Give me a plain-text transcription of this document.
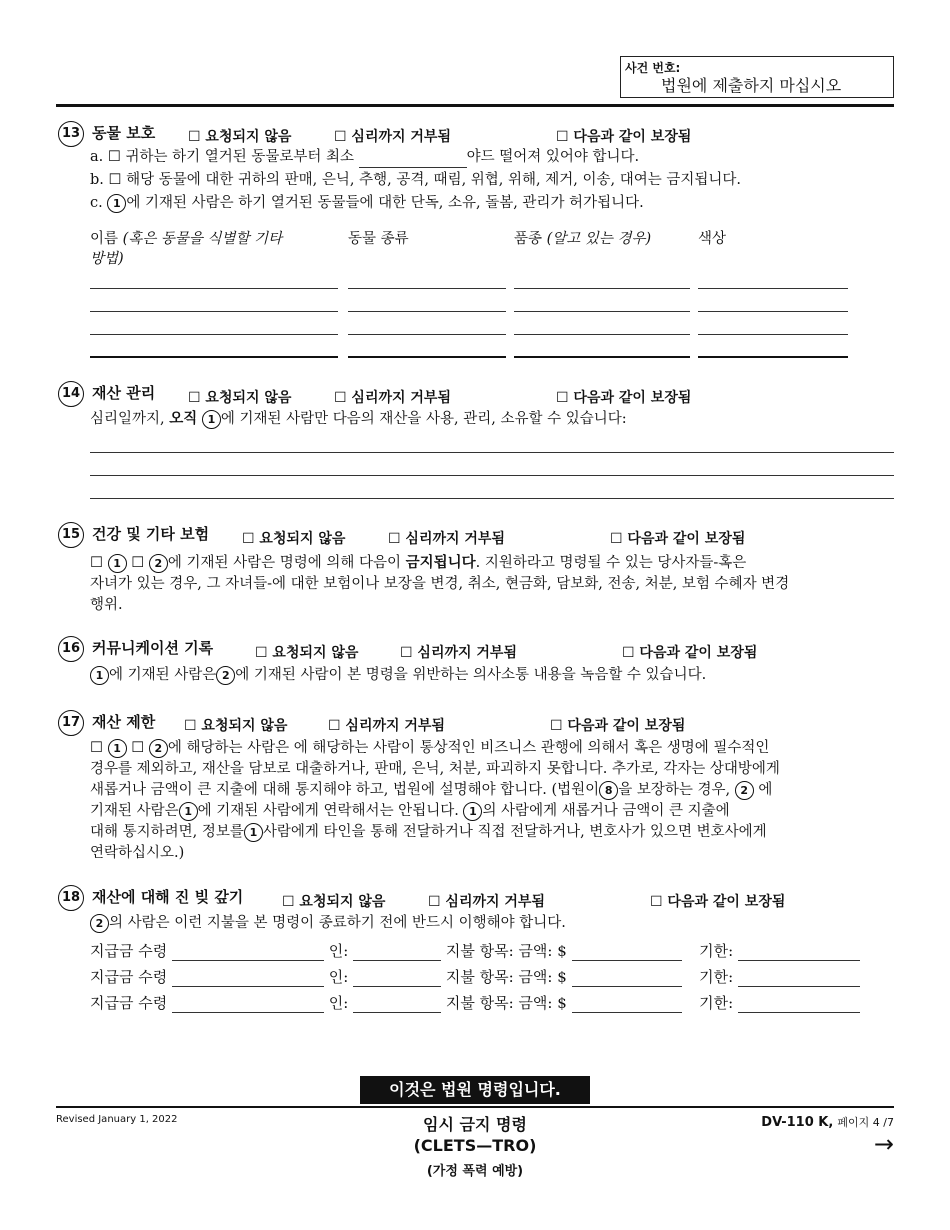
사건 번호:
법원에 제출하지 마십시오
13 동물 보호 ☐ 요청되지 않음	☐ 심리까지 거부됨	☐ 다음과 같이 보장됨
a. ☐ 귀하는 하기 열거된 동물로부터 최소	야드 떨어져 있어야 합니다.
b. ☐ 해당 동물에 대한 귀하의 판매, 은닉, 추행, 공격, 때림, 위협, 위해, 제거, 이송, 대여는 금지됩니다.
c. 1 에 기재된 사람은 하기 열거된 동물들에 대한 단독, 소유, 돌봄, 관리가 허가됩니다.
이름 (혹은 동물을 식별할 기타
방법)
동물 종류	품종 (알고 있는 경우)	색상
14 재산 관리 ☐ 요청되지 않음	☐ 심리까지 거부됨	☐ 다음과 같이 보장됨
심리일까지, 오직 1 에 기재된 사람만 다음의 재산을 사용, 관리, 소유할 수 있습니다:
15 건강 및 기타 보험 ☐ 요청되지 않음	☐ 심리까지 거부됨	☐ 다음과 같이 보장됨
☐ 1 ☐ 2 에 기재된 사람은 명령에 의해 다음이 금지됩니다. 지원하라고 명령될 수 있는 당사자들-혹은
자녀가 있는 경우, 그 자녀들-에 대한 보험이나 보장을 변경, 취소, 현금화, 담보화, 전송, 처분, 보험 수혜자 변경
행위.
16 커뮤니케이션 기록	☐ 요청되지 않음	☐ 심리까지 거부됨	☐ 다음과 같이 보장됨
1 에 기재된 사람은 2 에 기재된 사람이 본 명령을 위반하는 의사소통 내용을 녹음할 수 있습니다.
17 재산 제한 ☐ 요청되지 않음	☐ 심리까지 거부됨	☐ 다음과 같이 보장됨
☐ 1 ☐ 2 에 해당하는 사람은 에 해당하는 사람이 통상적인 비즈니스 관행에 의해서 혹은 생명에 필수적인
경우를 제외하고, 재산을 담보로 대출하거나, 판매, 은닉, 처분, 파괴하지 못합니다. 추가로, 각자는 상대방에게
새롭거나 금액이 큰 지출에 대해 통지해야 하고, 법원에 설명해야 합니다. (법원이 8 을 보장하는 경우, 2 에
기재된 사람은 1 에 기재된 사람에게 연락해서는 안됩니다. 1 의 사람에게 새롭거나 금액이 큰 지출에
대해 통지하려면, 정보를 1 사람에게 타인을 통해 전달하거나 직접 전달하거나, 변호사가 있으면 변호사에게
연락하십시오.)
18 재산에 대해 진 빚 갚기	☐ 요청되지 않음	☐ 심리까지 거부됨	☐ 다음과 같이 보장됨
2 의 사람은 이런 지불을 본 명령이 종료하기 전에 반드시 이행해야 합니다.
지급금 수령	인:	지불 항목: 금액: $	기한:
지급금 수령	인:	지불 항목: 금액: $	기한:
지급금 수령	인:	지불 항목: 금액: $	기한:
이것은 법원 명령입니다.
Revised January 1, 2022	임시 금지 명령
(CLETS—TRO)
(가정 폭력 예방)
DV-110 K, 페이지 4 /7
→
